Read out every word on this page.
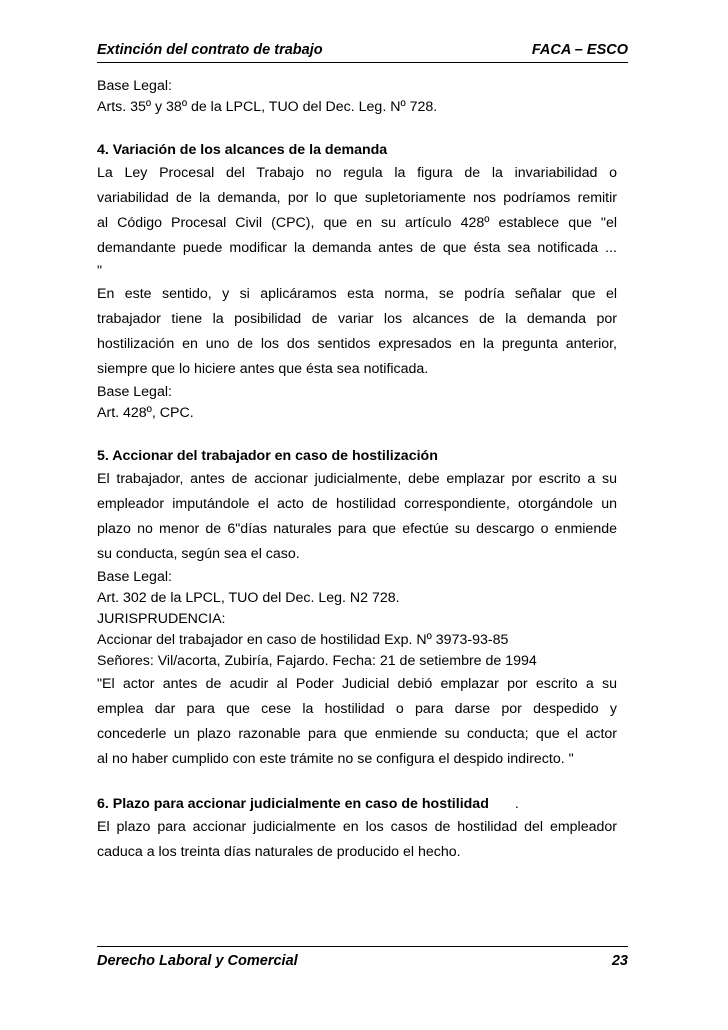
Extinción del contrato de trabajo	FACA – ESCO
Base Legal:
Arts. 35º y 38º de la LPCL, TUO del Dec. Leg. Nº 728.
4. Variación de los alcances de la demanda
La Ley Procesal del Trabajo no regula la figura de la invariabilidad o
variabilidad de la demanda, por lo que supletoriamente nos podríamos remitir
al Código Procesal Civil (CPC), que en su artículo 428º establece que "el
demandante puede modificar la demanda antes de que ésta sea notificada ...
"
En este sentido, y si aplicáramos esta norma, se podría señalar que el
trabajador tiene la posibilidad de variar los alcances de la demanda por
hostilización en uno de los dos sentidos expresados en la pregunta anterior,
siempre que lo hiciere antes que ésta sea notificada.
Base Legal:
Art. 428º, CPC.
5. Accionar del trabajador en caso de hostilización
El trabajador, antes de accionar judicialmente, debe emplazar por escrito a su
empleador imputándole el acto de hostilidad correspondiente, otorgándole un
plazo no menor de 6"días naturales para que efectúe su descargo o enmiende
su conducta, según sea el caso.
Base Legal:
Art. 302 de la LPCL, TUO del Dec. Leg. N2 728.
JURISPRUDENCIA:
Accionar del trabajador en caso de hostilidad Exp. Nº 3973-93-85
Señores: Vil/acorta, Zubiría, Fajardo. Fecha: 21 de setiembre de 1994
"El actor antes de acudir al Poder Judicial debió emplazar por escrito a su
emplea dar para que cese la hostilidad o para darse por despedido y
concederle un plazo razonable para que enmiende su conducta; que el actor
al no haber cumplido con este trámite no se configura el despido indirecto. "
6. Plazo para accionar judicialmente en caso de hostilidad .
El plazo para accionar judicialmente en los casos de hostilidad del empleador
caduca a los treinta días naturales de producido el hecho.
Derecho Laboral y Comercial	23
